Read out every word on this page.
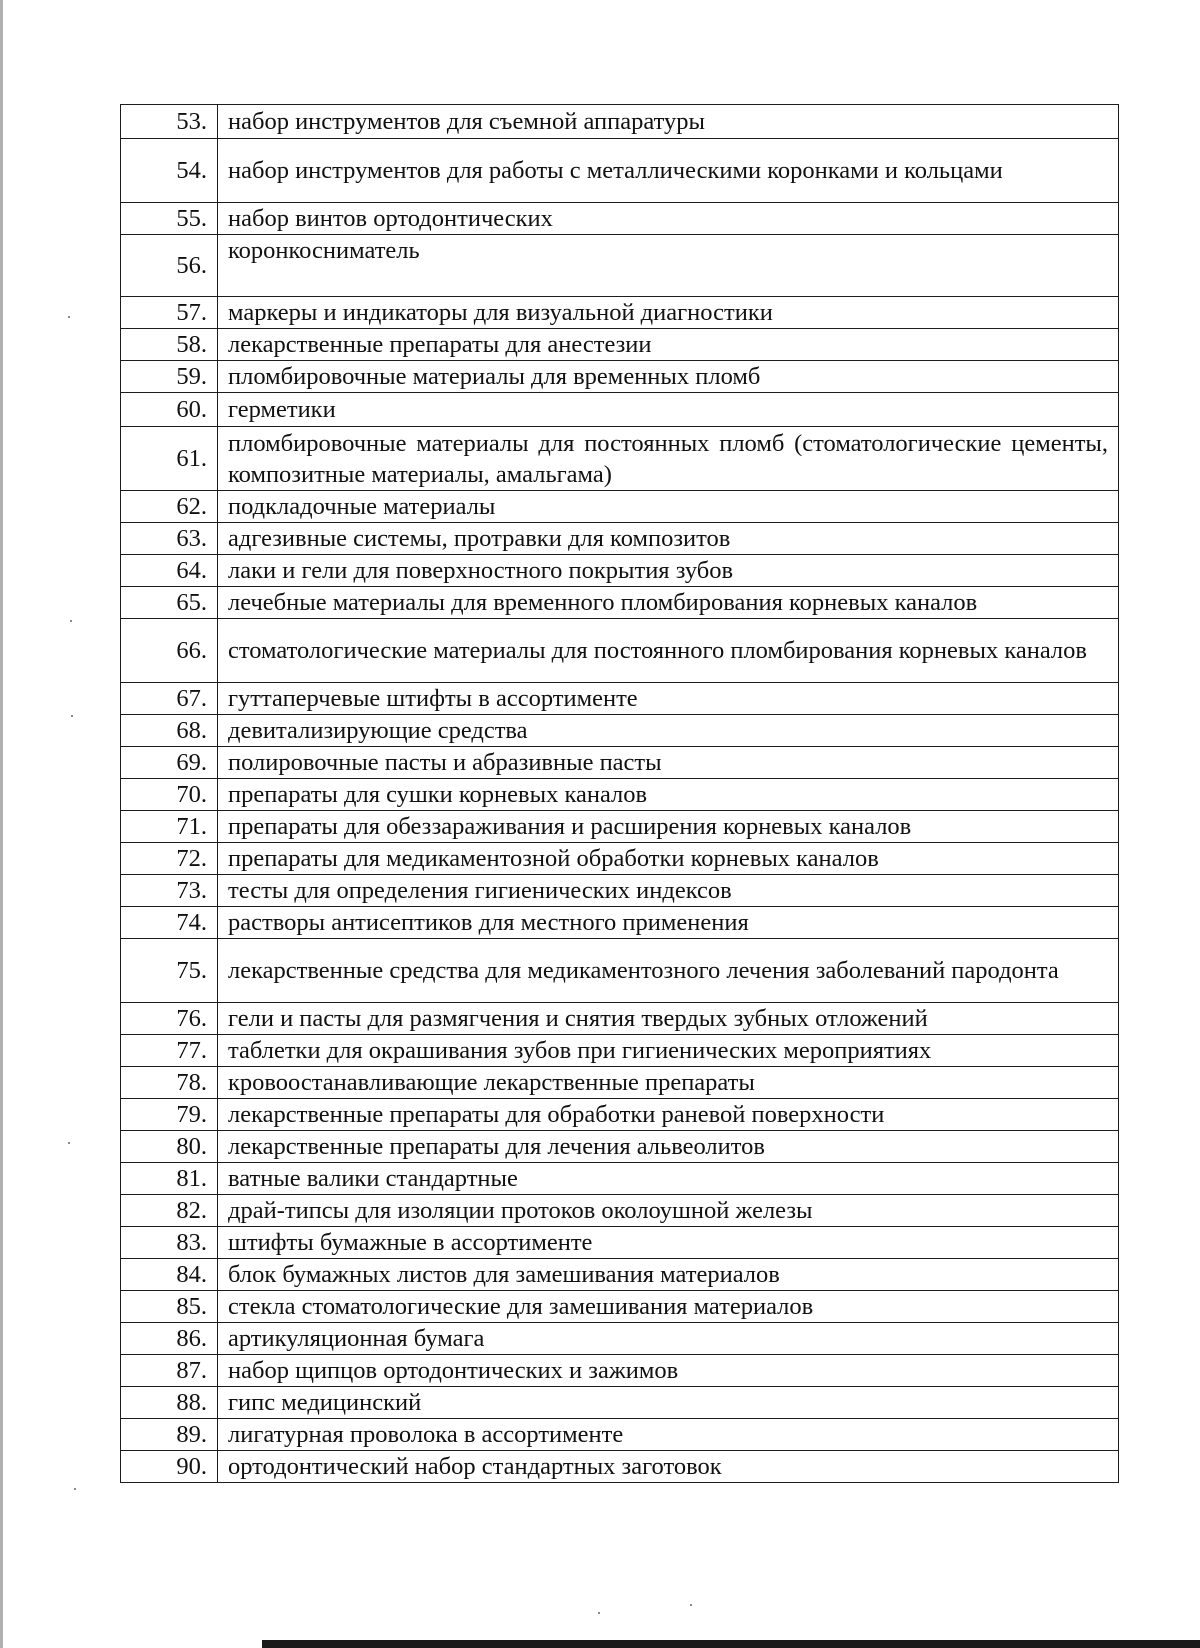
53.	набор инструментов для съемной аппаратуры
54.	набор инструментов для работы с металлическими коронками и кольцами
55.	набор винтов ортодонтических
56.	коронкосниматель
57.	маркеры и индикаторы для визуальной диагностики
58.	лекарственные препараты для анестезии
59.	пломбировочные материалы для временных пломб
60.	герметики
61.	пломбировочные материалы для постоянных пломб (стоматологические цементы, композитные материалы, амальгама)
62.	подкладочные материалы
63.	адгезивные системы, протравки для композитов
64.	лаки и гели для поверхностного покрытия зубов
65.	лечебные материалы для временного пломбирования корневых каналов
66.	стоматологические материалы для постоянного пломбирования корневых каналов
67.	гуттаперчевые штифты в ассортименте
68.	девитализирующие средства
69.	полировочные пасты и абразивные пасты
70.	препараты для сушки корневых каналов
71.	препараты для обеззараживания и расширения корневых каналов
72.	препараты для медикаментозной обработки корневых каналов
73.	тесты для определения гигиенических индексов
74.	растворы антисептиков для местного применения
75.	лекарственные средства для медикаментозного лечения заболеваний пародонта
76.	гели и пасты для размягчения и снятия твердых зубных отложений
77.	таблетки для окрашивания зубов при гигиенических мероприятиях
78.	кровоостанавливающие лекарственные препараты
79.	лекарственные препараты для обработки раневой поверхности
80.	лекарственные препараты для лечения альвеолитов
81.	ватные валики стандартные
82.	драй-типсы для изоляции протоков околоушной железы
83.	штифты бумажные в ассортименте
84.	блок бумажных листов для замешивания материалов
85.	стекла стоматологические для замешивания материалов
86.	артикуляционная бумага
87.	набор щипцов ортодонтических и зажимов
88.	гипс медицинский
89.	лигатурная проволока в ассортименте
90.	ортодонтический набор стандартных заготовок
